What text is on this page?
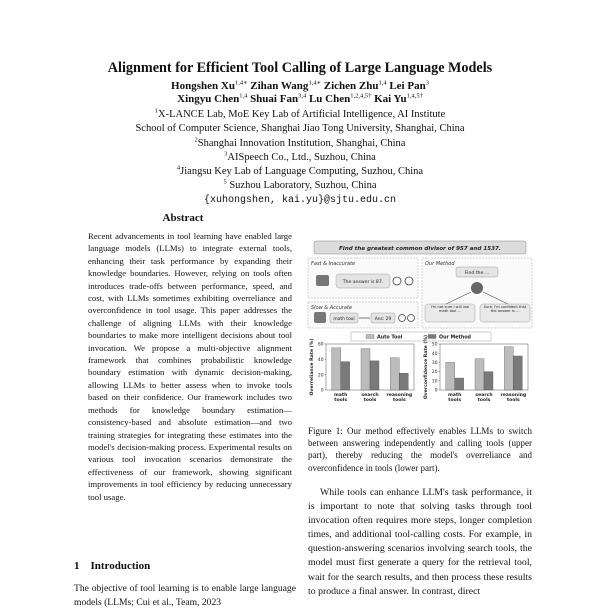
Alignment for Efficient Tool Calling of Large Language Models
Hongshen $Xu^{1,4∗}$ Zihan Wang$^{1,4∗}$ Zichen Zhu$^{1,4}$ Lei Pan$^3$
Xingyu Chen$^{1,4}$ Shuai Fan$^{3,4}$ Lu Chen$^{1,2,4,5\dagger}$ Kai $Yu^{1,4,5\dagger}$
$^1$X-LANCE Lab, MoE Key Lab of Artificial Intelligence, AI Institute
School of Computer Science, Shanghai Jiao Tong University, Shanghai, China
$^2$Shanghai Innovation Institution, Shanghai, China
$^3$AISpeech Co., Ltd., Suzhou, China
$^4$Jiangsu Key Lab of Language Computing, Suzhou, China
$^5$ Suzhou Laboratory, Suzhou, China
{xuhongshen, kai.yu}@sjtu.edu.cn
Abstract
Recent advancements in tool learning have enabled large language models (LLMs) to integrate external tools, enhancing their task performance by expanding their knowledge boundaries. However, relying on tools often introduces trade-offs between performance, speed, and cost, with LLMs sometimes exhibiting overreliance and overconfidence in tool usage. This paper addresses the challenge of aligning LLMs with their knowledge boundaries to make more intelligent decisions about tool invocation. We propose a multi-objective alignment framework that combines probabilistic knowledge boundary estimation with dynamic decision-making, allowing LLMs to better assess when to invoke tools based on their confidence. Our framework includes two methods for knowledge boundary estimation—consistency-based and absolute estimation—and two training strategies for integrating these estimates into the model's decision-making process. Experimental results on various tool invocation scenarios demonstrate the effectiveness of our framework, showing significant improvements in tool efficiency by reducing unnecessary tool usage.
1 Introduction
The objective of tool learning is to enable large language models (LLMs; Cui et al., Team, 2023
Find the greatest common divisor of 957 and 1537.
Fast & Inaccurate
The answer is 87.
Slow & Accurate
math tool	Ans: 29
Our Method
Find the ...
I'm not sure I will use math tool ...
Sure, I'm confident that the answer is ...
Auto Tool	Our Method
0
20
40
60
Overreliance Rate (%)
math
tools
search
tools
reasoning
tools
0
10
20
30
40
50
Overconfidence Rate (%)	math
tools
search
tools
reasoning
tools
Figure 1: Our method effectively enables LLMs to switch between answering independently and calling tools (upper part), thereby reducing the model's overreliance and overconfidence in tools (lower part).
While tools can enhance LLM's task performance, it is important to note that solving tasks through tool invocation often requires more steps, longer completion times, and additional tool-calling costs. For example, in question-answering scenarios involving search tools, the model must first generate a query for the retrieval tool, wait for the search results, and then process these results to produce a final answer. In contrast, direct
